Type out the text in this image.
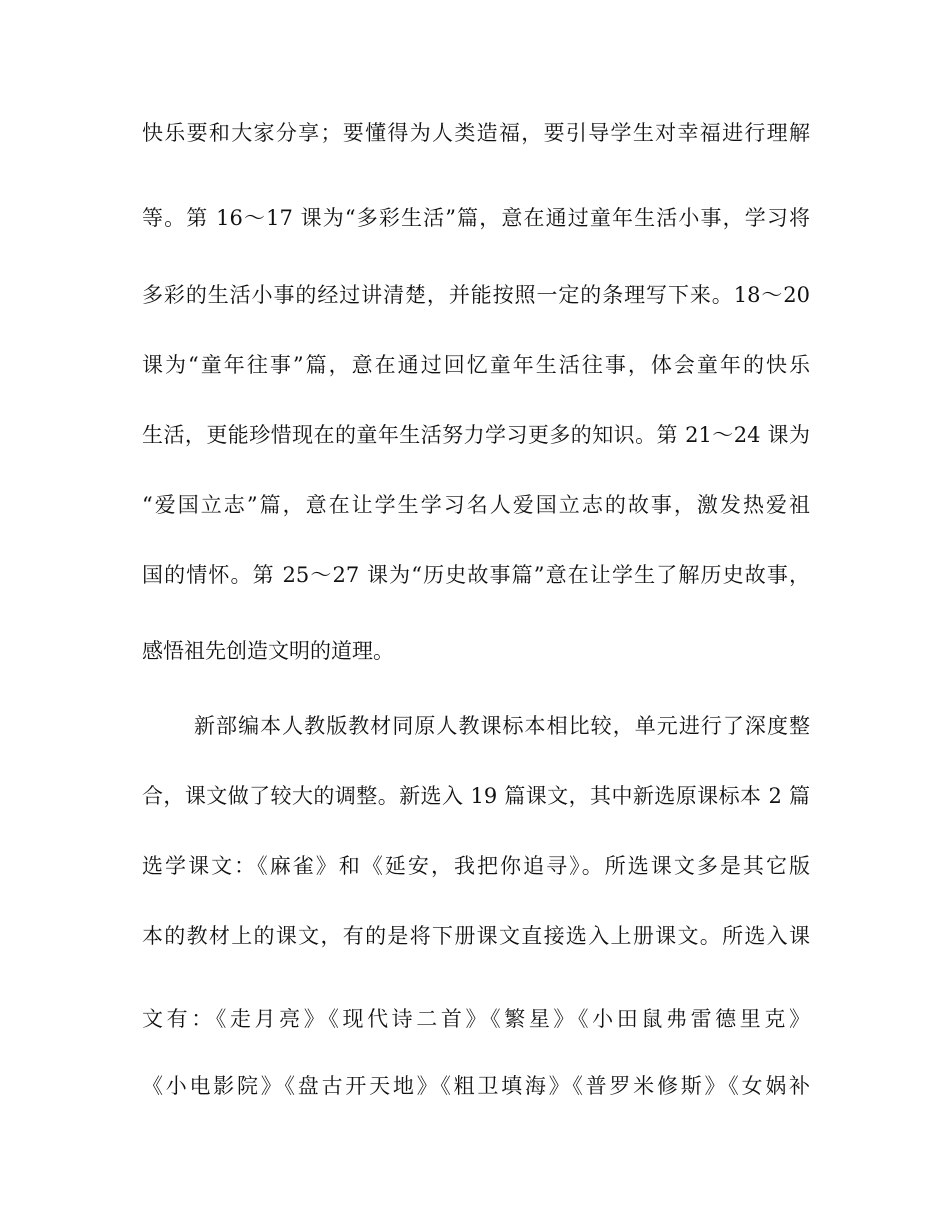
快乐要和大家分享；要懂得为人类造福，要引导学生对幸福进行理解
等。第 16～17 课为“多彩生活”篇，意在通过童年生活小事，学习将
多彩的生活小事的经过讲清楚，并能按照一定的条理写下来。18～20
课为“童年往事”篇，意在通过回忆童年生活往事，体会童年的快乐
生活，更能珍惜现在的童年生活努力学习更多的知识。第 21～24 课为
“爱国立志”篇，意在让学生学习名人爱国立志的故事，激发热爱祖
国的情怀。第 25～27 课为“历史故事篇”意在让学生了解历史故事，
感悟祖先创造文明的道理。
新部编本人教版教材同原人教课标本相比较，单元进行了深度整
合，课文做了较大的调整。新选入 19 篇课文，其中新选原课标本 2 篇
选学课文：《麻雀》和《延安，我把你追寻》。所选课文多是其它版
本的教材上的课文，有的是将下册课文直接选入上册课文。所选入课
文有：《走月亮》《现代诗二首》《繁星》《小田鼠弗雷德里克》
《小电影院》《盘古开天地》《粗卫填海》《普罗米修斯》《女娲补
